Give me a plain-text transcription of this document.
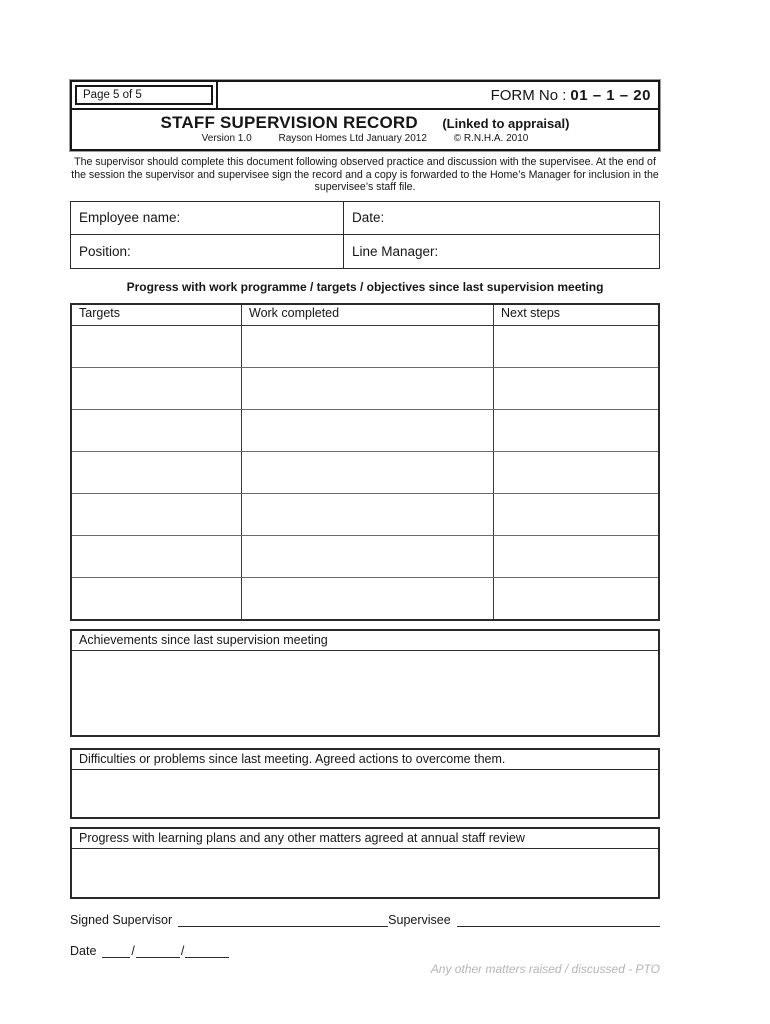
Page 5 of 5	FORM No : 01 – 1 – 20
STAFF SUPERVISION RECORD (Linked to appraisal)
Version 1.0	Rayson Homes Ltd January 2012	© R.N.H.A. 2010

The supervisor should complete this document following observed practice and discussion with the supervisee. At the end of the session the supervisor and supervisee sign the record and a copy is forwarded to the Home’s Manager for inclusion in the supervisee’s staff file.

Employee name:	Date:
Position:	Line Manager:
Progress with work programme / targets / objectives since last supervision meeting
Targets	Work completed	Next steps
Achievements since last supervision meeting
Difficulties or problems since last meeting. Agreed actions to overcome them.
Progress with learning plans and any other matters agreed at annual staff review
Signed Supervisor	Supervisee
Date	/	/
Any other matters raised / discussed - PTO
